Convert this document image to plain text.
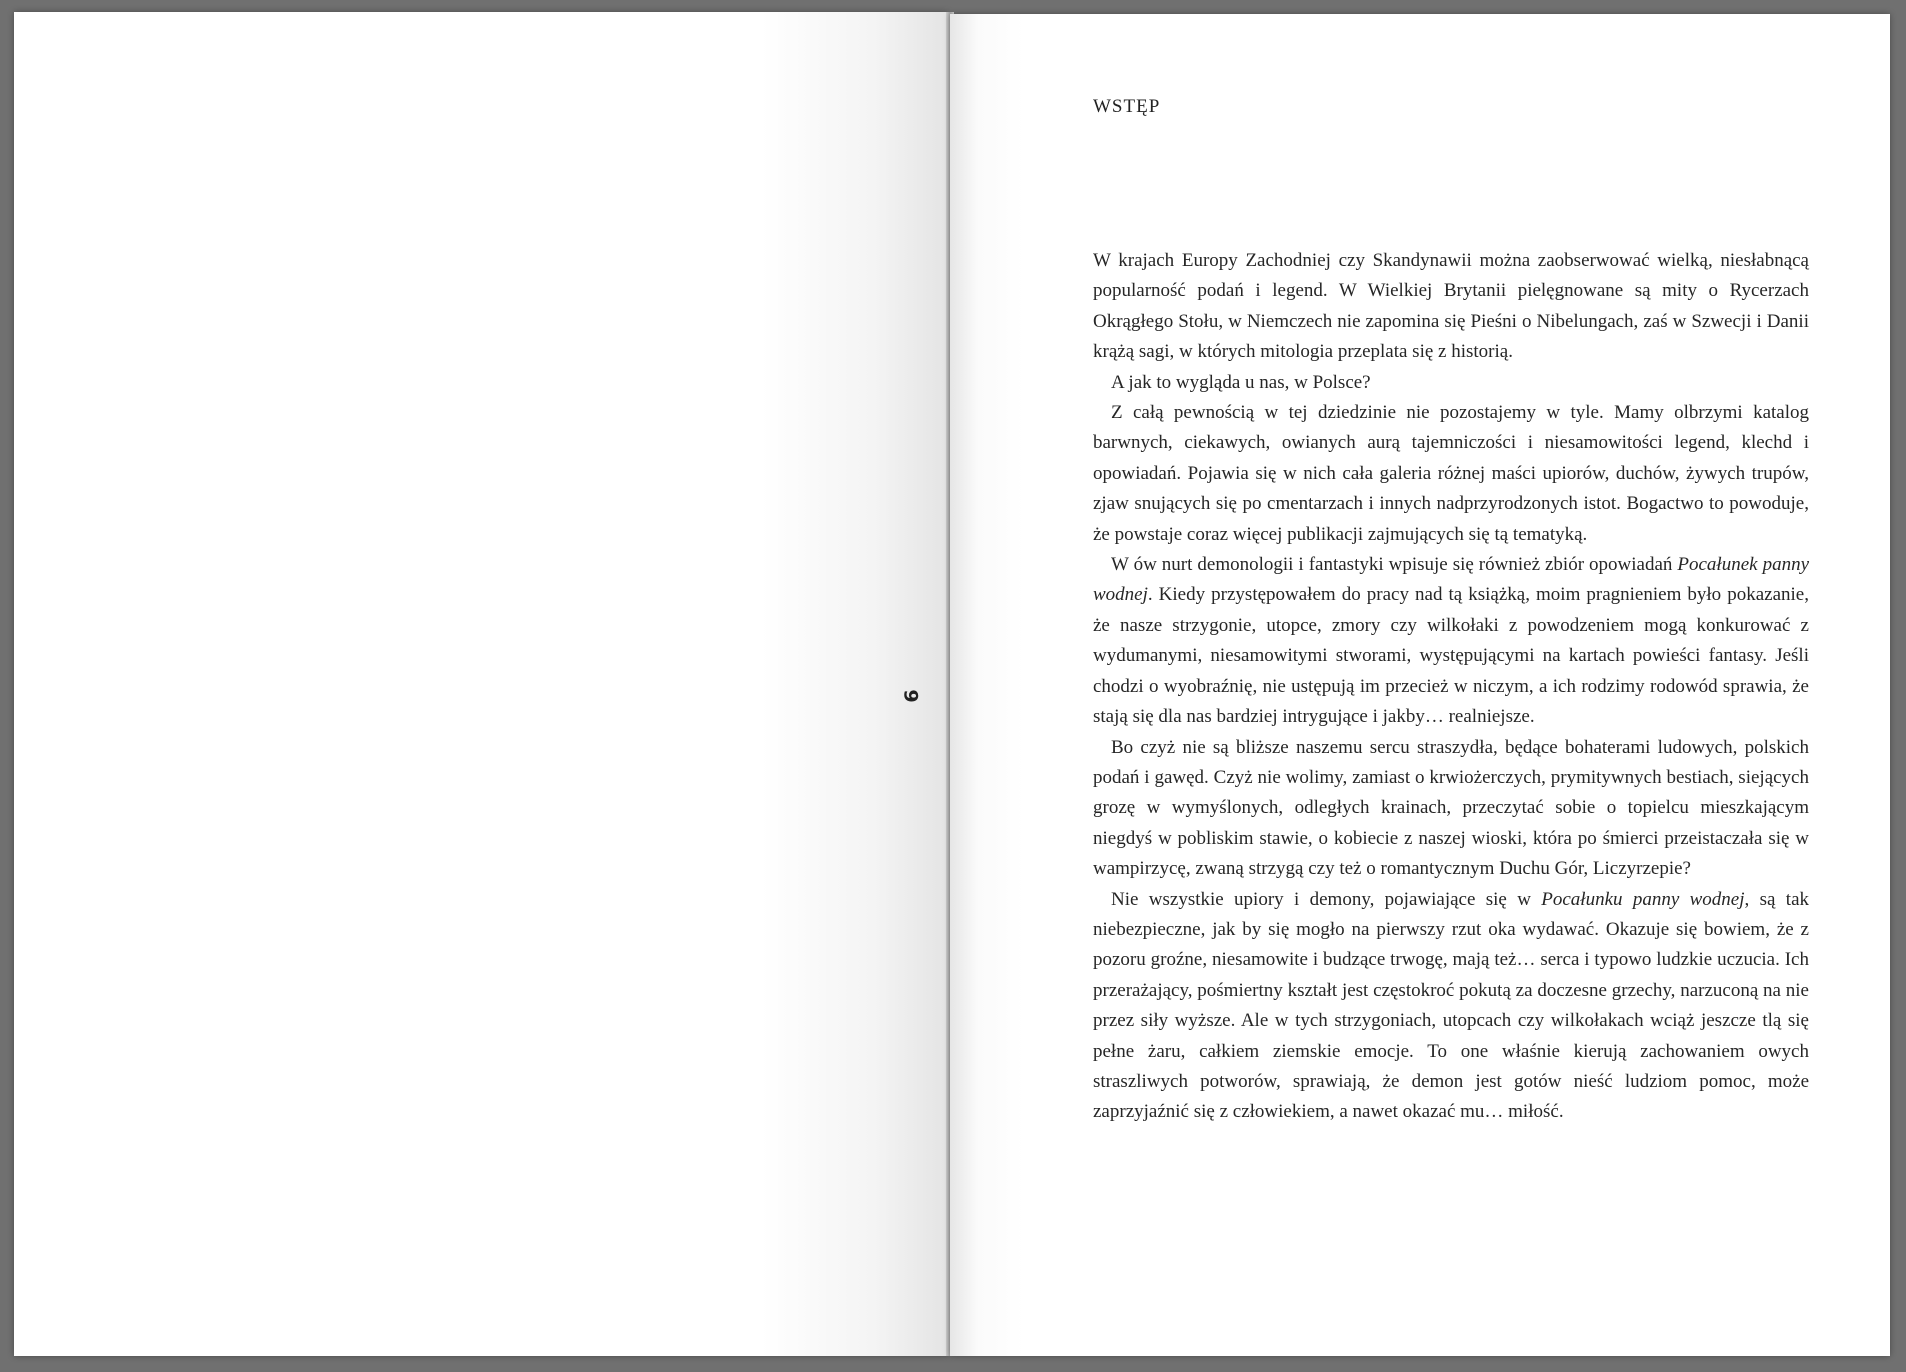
6
WSTĘP

W krajach Europy Zachodniej czy Skandynawii można zaobserwować wielką, niesłabnącą popularność podań i legend. W Wielkiej Brytanii pielęgnowane są mity o Rycerzach Okrągłego Stołu, w Niemczech nie zapomina się Pieśni o Nibelungach, zaś w Szwecji i Danii krążą sagi, w których mitologia przeplata się z historią.

A jak to wygląda u nas, w Polsce?

Z całą pewnością w tej dziedzinie nie pozostajemy w tyle. Mamy olbrzymi katalog barwnych, ciekawych, owianych aurą tajemniczości i niesamowitości legend, klechd i opowiadań. Pojawia się w nich cała galeria różnej maści upiorów, duchów, żywych trupów, zjaw snujących się po cmentarzach i innych nadprzyrodzonych istot. Bogactwo to powoduje, że powstaje coraz więcej publikacji zajmujących się tą tematyką.

W ów nurt demonologii i fantastyki wpisuje się również zbiór opowiadań Pocałunek panny wodnej. Kiedy przystępowałem do pracy nad tą książką, moim pragnieniem było pokazanie, że nasze strzygonie, utopce, zmory czy wilkołaki z powodzeniem mogą konkurować z wydumanymi, niesamowitymi stworami, występującymi na kartach powieści fantasy. Jeśli chodzi o wyobraźnię, nie ustępują im przecież w niczym, a ich rodzimy rodowód sprawia, że stają się dla nas bardziej intrygujące i jakby… realniejsze.

Bo czyż nie są bliższe naszemu sercu straszydła, będące bohaterami ludowych, polskich podań i gawęd. Czyż nie wolimy, zamiast o krwiożerczych, prymitywnych bestiach, siejących grozę w wymyślonych, odległych krainach, przeczytać sobie o topielcu mieszkającym niegdyś w pobliskim stawie, o kobiecie z naszej wioski, która po śmierci przeistaczała się w wampirzycę, zwaną strzygą czy też o romantycznym Duchu Gór, Liczyrzepie?

Nie wszystkie upiory i demony, pojawiające się w Pocałunku panny wodnej, są tak niebezpieczne, jak by się mogło na pierwszy rzut oka wydawać. Okazuje się bowiem, że z pozoru groźne, niesamowite i budzące trwogę, mają też… serca i typowo ludzkie uczucia. Ich przerażający, pośmiertny kształt jest częstokroć pokutą za doczesne grzechy, narzuconą na nie przez siły wyższe. Ale w tych strzygoniach, utopcach czy wilkołakach wciąż jeszcze tlą się pełne żaru, całkiem ziemskie emocje. To one właśnie kierują zachowaniem owych straszliwych potworów, sprawiają, że demon jest gotów nieść ludziom pomoc, może zaprzyjaźnić się z człowiekiem, a nawet okazać mu… miłość.
